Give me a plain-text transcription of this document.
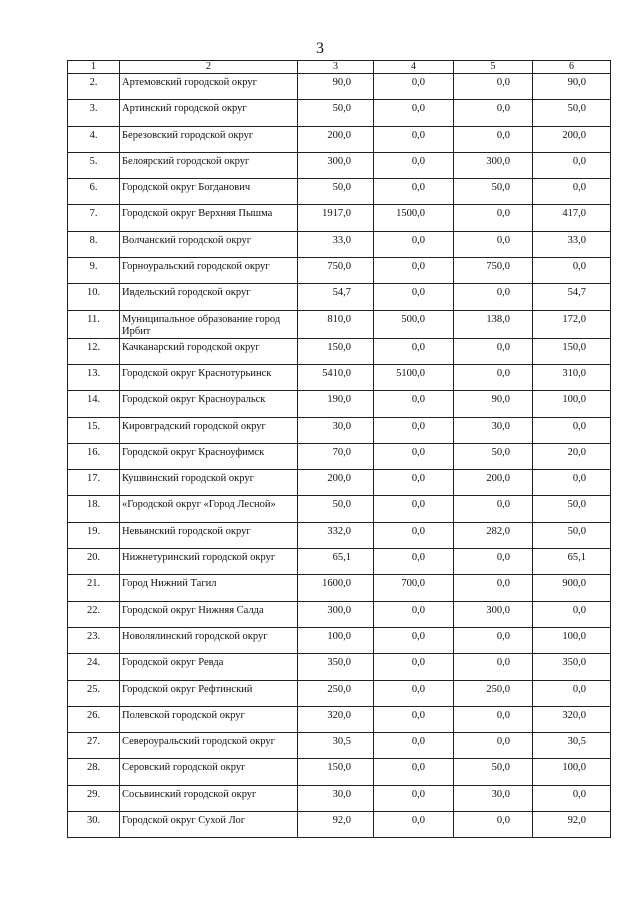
3
1	2	3	4	5	6
2.	Артемовский городской округ	90,0	0,0	0,0	90,0
3.	Артинский городской округ	50,0	0,0	0,0	50,0
4.	Березовский городской округ	200,0	0,0	0,0	200,0
5.	Белоярский городской округ	300,0	0,0	300,0	0,0
6.	Городской округ Богданович	50,0	0,0	50,0	0,0
7.	Городской округ Верхняя Пышма	1917,0	1500,0	0,0	417,0
8.	Волчанский городской округ	33,0	0,0	0,0	33,0
9.	Горноуральский городской округ	750,0	0,0	750,0	0,0
10.	Ивдельский городской округ	54,7	0,0	0,0	54,7
11.	Муниципальное образование город Ирбит	810,0	500,0	138,0	172,0
12.	Качканарский городской округ	150,0	0,0	0,0	150,0
13.	Городской округ Краснотурьинск	5410,0	5100,0	0,0	310,0
14.	Городской округ Красноуральск	190,0	0,0	90,0	100,0
15.	Кировградский городской округ	30,0	0,0	30,0	0,0
16.	Городской округ Красноуфимск	70,0	0,0	50,0	20,0
17.	Кушвинский городской округ	200,0	0,0	200,0	0,0
18.	«Городской округ «Город Лесной»	50,0	0,0	0,0	50,0
19.	Невьянский городской округ	332,0	0,0	282,0	50,0
20.	Нижнетуринский городской округ	65,1	0,0	0,0	65,1
21.	Город Нижний Тагил	1600,0	700,0	0,0	900,0
22.	Городской округ Нижняя Салда	300,0	0,0	300,0	0,0
23.	Новолялинский городской округ	100,0	0,0	0,0	100,0
24.	Городской округ Ревда	350,0	0,0	0,0	350,0
25.	Городской округ Рефтинский	250,0	0,0	250,0	0,0
26.	Полевской городской округ	320,0	0,0	0,0	320,0
27.	Североуральский городской округ	30,5	0,0	0,0	30,5
28.	Серовский городской округ	150,0	0,0	50,0	100,0
29.	Сосьвинский городской округ	30,0	0,0	30,0	0,0
30.	Городской округ Сухой Лог	92,0	0,0	0,0	92,0
